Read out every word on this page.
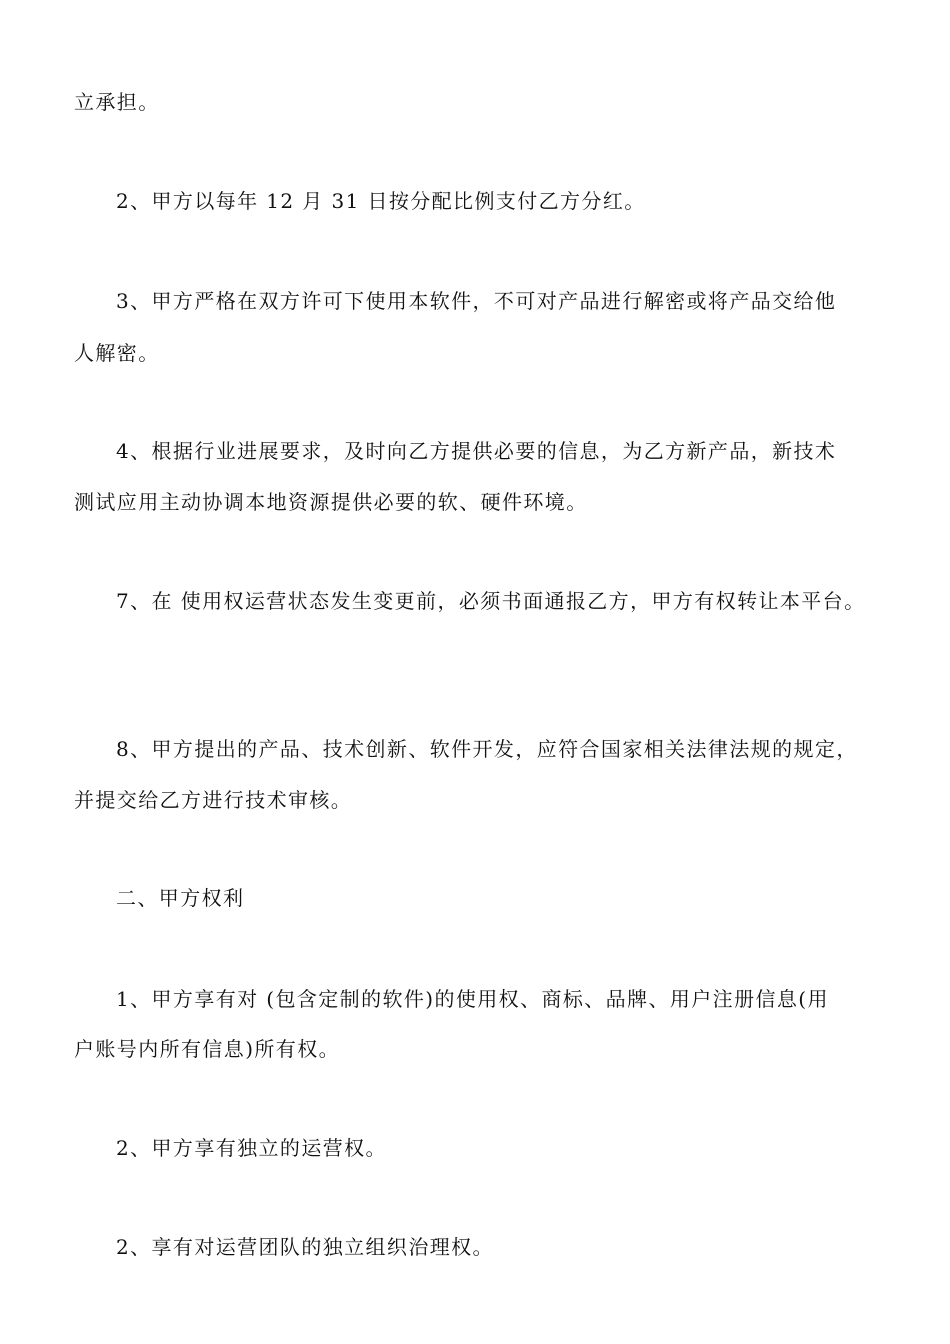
立承担。
2、甲方以每年 12 月 31 日按分配比例支付乙方分红。
3、甲方严格在双方许可下使用本软件，不可对产品进行解密或将产品交给他
人解密。
4、根据行业进展要求，及时向乙方提供必要的信息，为乙方新产品，新技术
测试应用主动协调本地资源提供必要的软、硬件环境。
7、在 使用权运营状态发生变更前，必须书面通报乙方，甲方有权转让本平台。
8、甲方提出的产品、技术创新、软件开发，应符合国家相关法律法规的规定，
并提交给乙方进行技术审核。
二、甲方权利
1、甲方享有对 (包含定制的软件)的使用权、商标、品牌、用户注册信息(用
户账号内所有信息)所有权。
2、甲方享有独立的运营权。
2、享有对运营团队的独立组织治理权。
